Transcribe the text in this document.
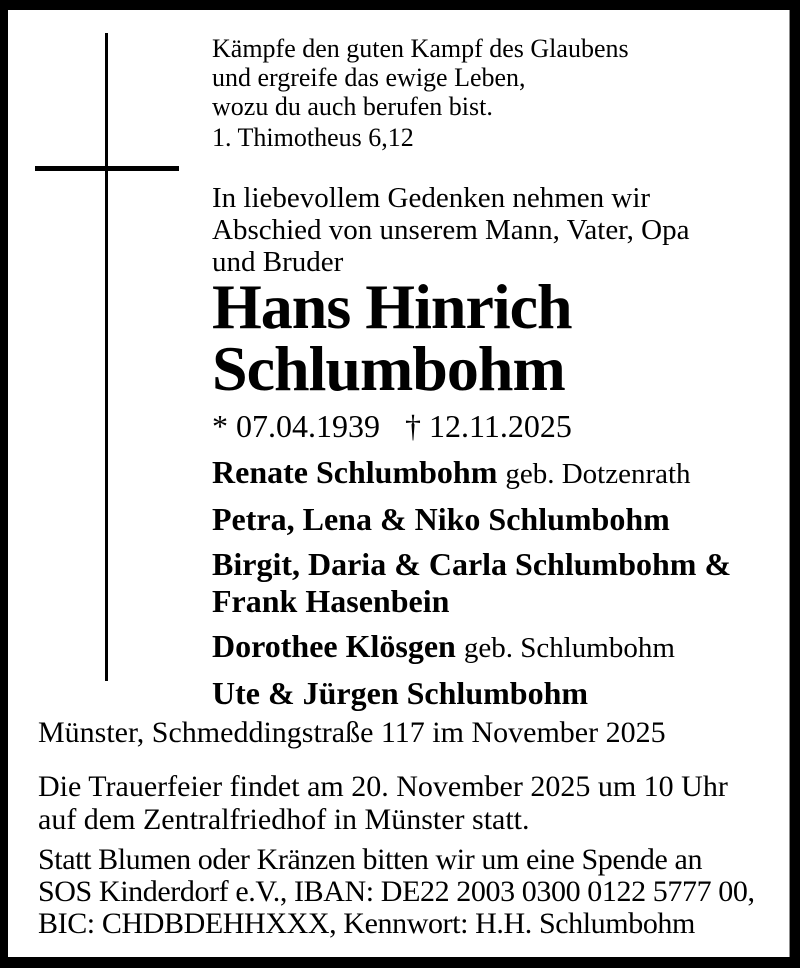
Kämpfe den guten Kampf des Glaubens
und ergreife das ewige Leben,
wozu du auch berufen bist.
1. Thimotheus 6,12
In liebevollem Gedenken nehmen wir
Abschied von unserem Mann, Vater, Opa
und Bruder
Hans Hinrich
Schlumbohm
* 07.04.1939 † 12.11.2025
Renate Schlumbohm geb. Dotzenrath
Petra, Lena & Niko Schlumbohm
Birgit, Daria & Carla Schlumbohm & Frank Hasenbein
Dorothee Klösgen geb. Schlumbohm
Ute & Jürgen Schlumbohm
Münster, Schmeddingstraße 117 im November 2025
Die Trauerfeier findet am 20. November 2025 um 10 Uhr
auf dem Zentralfriedhof in Münster statt.
Statt Blumen oder Kränzen bitten wir um eine Spende an
SOS Kinderdorf e.V., IBAN: DE22 2003 0300 0122 5777 00,
BIC: CHDBDEHHXXX, Kennwort: H.H. Schlumbohm
